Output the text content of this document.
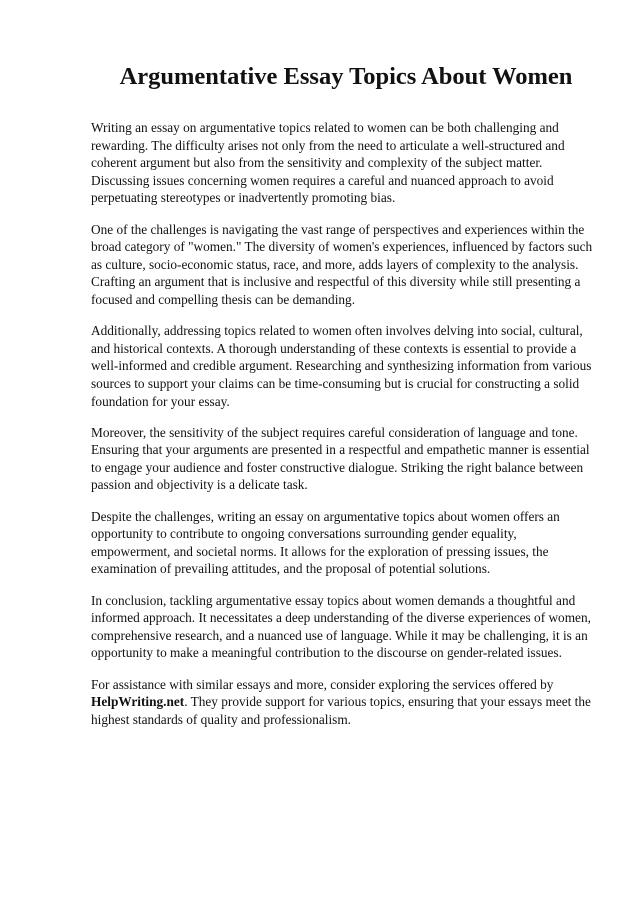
Argumentative Essay Topics About Women

Writing an essay on argumentative topics related to women can be both challenging and rewarding. The difficulty arises not only from the need to articulate a well-structured and coherent argument but also from the sensitivity and complexity of the subject matter. Discussing issues concerning women requires a careful and nuanced approach to avoid perpetuating stereotypes or inadvertently promoting bias.

One of the challenges is navigating the vast range of perspectives and experiences within the broad category of "women." The diversity of women's experiences, influenced by factors such as culture, socio-economic status, race, and more, adds layers of complexity to the analysis. Crafting an argument that is inclusive and respectful of this diversity while still presenting a focused and compelling thesis can be demanding.

Additionally, addressing topics related to women often involves delving into social, cultural, and historical contexts. A thorough understanding of these contexts is essential to provide a well-informed and credible argument. Researching and synthesizing information from various sources to support your claims can be time-consuming but is crucial for constructing a solid foundation for your essay.

Moreover, the sensitivity of the subject requires careful consideration of language and tone. Ensuring that your arguments are presented in a respectful and empathetic manner is essential to engage your audience and foster constructive dialogue. Striking the right balance between passion and objectivity is a delicate task.

Despite the challenges, writing an essay on argumentative topics about women offers an opportunity to contribute to ongoing conversations surrounding gender equality, empowerment, and societal norms. It allows for the exploration of pressing issues, the examination of prevailing attitudes, and the proposal of potential solutions.

In conclusion, tackling argumentative essay topics about women demands a thoughtful and informed approach. It necessitates a deep understanding of the diverse experiences of women, comprehensive research, and a nuanced use of language. While it may be challenging, it is an opportunity to make a meaningful contribution to the discourse on gender-related issues.

For assistance with similar essays and more, consider exploring the services offered by HelpWriting.net. They provide support for various topics, ensuring that your essays meet the highest standards of quality and professionalism.
